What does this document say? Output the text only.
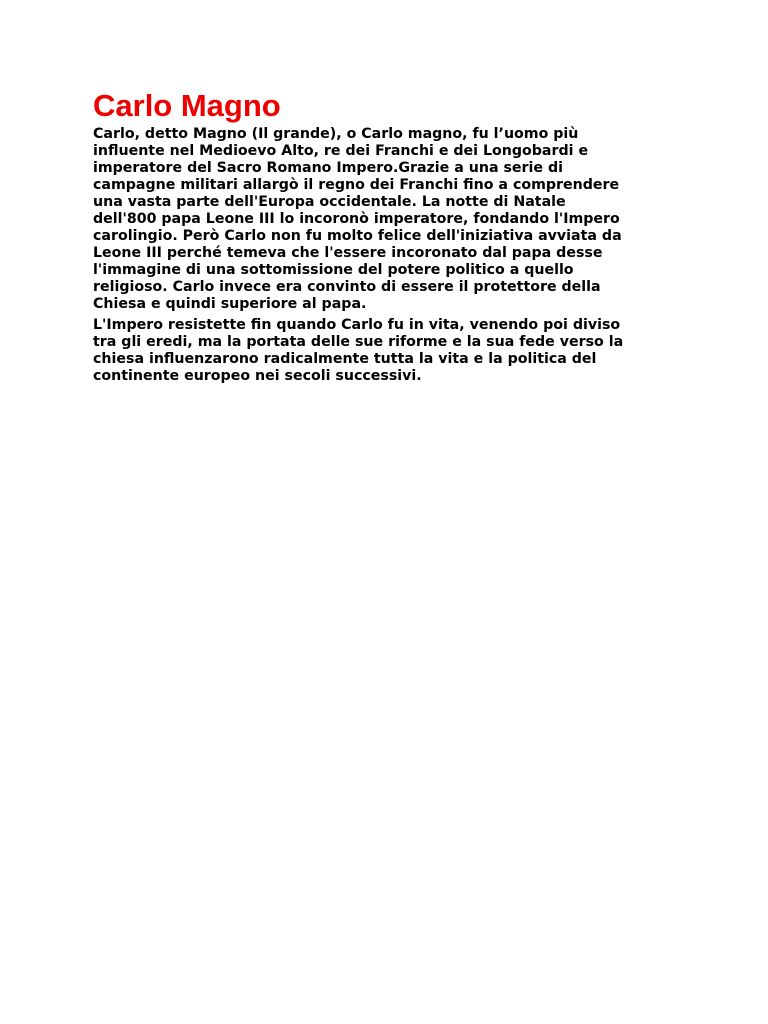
Carlo Magno

Carlo, detto Magno (Il grande), o Carlo magno, fu l’uomo più
influente nel Medioevo Alto, re dei Franchi e dei Longobardi e
imperatore del Sacro Romano Impero.Grazie a una serie di
campagne militari allargò il regno dei Franchi fino a comprendere
una vasta parte dell'Europa occidentale. La notte di Natale
dell'800 papa Leone III lo incoronò imperatore, fondando l'Impero
carolingio. Però Carlo non fu molto felice dell'iniziativa avviata da
Leone III perché temeva che l'essere incoronato dal papa desse
l'immagine di una sottomissione del potere politico a quello
religioso. Carlo invece era convinto di essere il protettore della
Chiesa e quindi superiore al papa.

L'Impero resistette fin quando Carlo fu in vita, venendo poi diviso
tra gli eredi, ma la portata delle sue riforme e la sua fede verso la
chiesa influenzarono radicalmente tutta la vita e la politica del
continente europeo nei secoli successivi.
